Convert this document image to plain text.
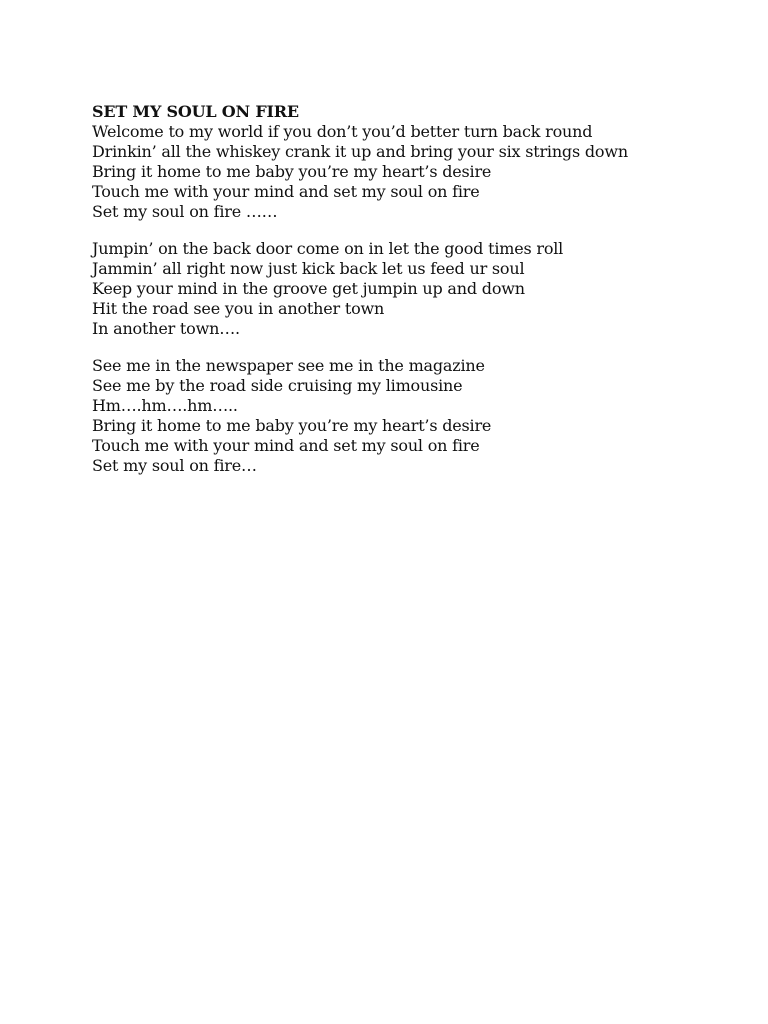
SET MY SOUL ON FIRE
Welcome to my world if you don’t you’d better turn back round
Drinkin’ all the whiskey crank it up and bring your six strings down
Bring it home to me baby you’re my heart’s desire
Touch me with your mind and set my soul on fire
Set my soul on fire ……
Jumpin’ on the back door come on in let the good times roll
Jammin’ all right now just kick back let us feed ur soul
Keep your mind in the groove get jumpin up and down
Hit the road see you in another town
In another town….
See me in the newspaper see me in the magazine
See me by the road side cruising my limousine
Hm….hm….hm…..
Bring it home to me baby you’re my heart’s desire
Touch me with your mind and set my soul on fire
Set my soul on fire…
